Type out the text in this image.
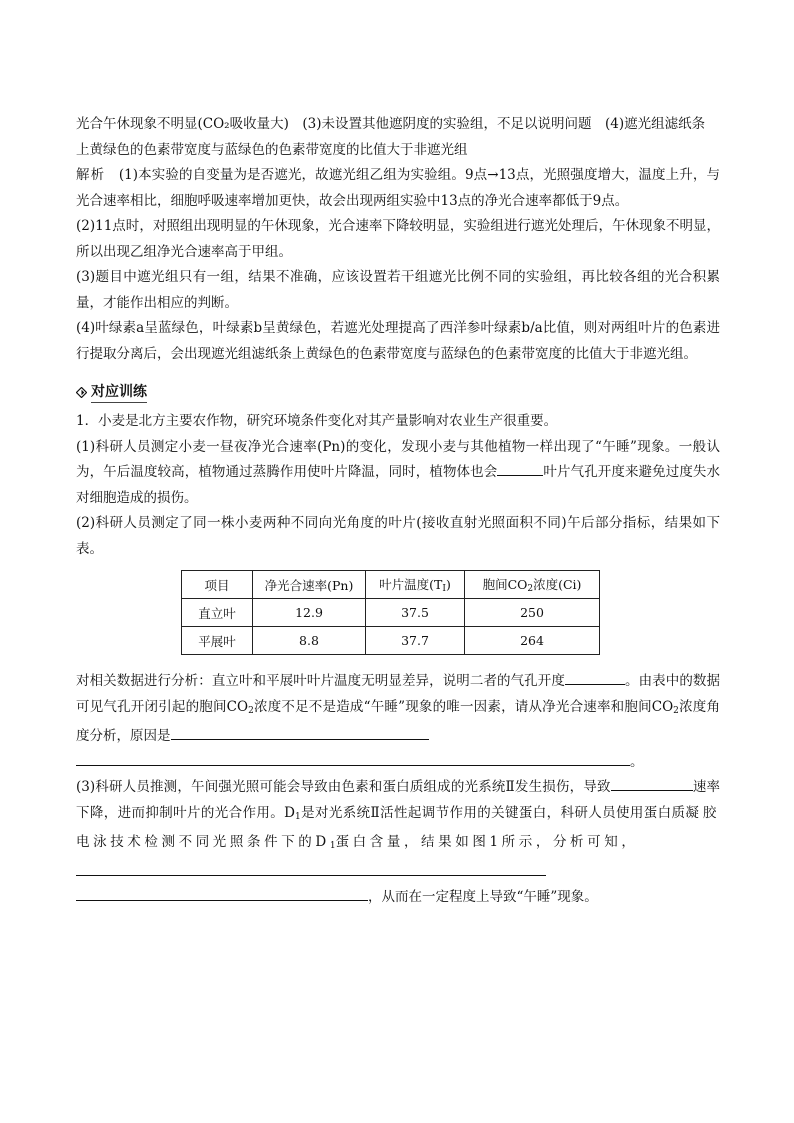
光合午休现象不明显(CO₂吸收量大)　(3)未设置其他遮阴度的实验组，不足以说明问题　(4)遮光组滤纸条

上黄绿色的色素带宽度与蓝绿色的色素带宽度的比值大于非遮光组

解析　 (1)本实验的自变量为是否遮光，故遮光组乙组为实验组。9点→13点，光照强度增大，温度上升，与光合速率相比，细胞呼吸速率增加更快，故会出现两组实验中13点的净光合速率都低于9点。

(2)11点时，对照组出现明显的午休现象，光合速率下降较明显，实验组进行遮光处理后，午休现象不明显，所以出现乙组净光合速率高于甲组。

(3)题目中遮光组只有一组，结果不准确，应该设置若干组遮光比例不同的实验组，再比较各组的光合积累量，才能作出相应的判断。

(4)叶绿素a呈蓝绿色，叶绿素b呈黄绿色，若遮光处理提高了西洋参叶绿素b/a比值，则对两组叶片的色素进行提取分离后，会出现遮光组滤纸条上黄绿色的色素带宽度与蓝绿色的色素带宽度的比值大于非遮光组。

对应训练

1．小麦是北方主要农作物，研究环境条件变化对其产量影响对农业生产很重要。

(1)科研人员测定小麦一昼夜净光合速率(Pn)的变化，发现小麦与其他植物一样出现了“午睡”现象。一般认为，午后温度较高，植物通过蒸腾作用使叶片降温，同时，植物体也会	叶片气孔开度来避免过度失水对细胞造成的损伤。

(2)科研人员测定了同一株小麦两种不同向光角度的叶片(接收直射光照面积不同)午后部分指标，结果如下表。

项目	净光合速率(Pn)	叶片温度$(T_I)$	胞间$CO_2$浓度(Ci)
直立叶	12.9	37.5	250
平展叶	8.8	37.7	264

对相关数据进行分析：直立叶和平展叶叶片温度无明显差异，说明二者的气孔开度	。由表中的数据可见气孔开闭引起的胞间$CO_2$浓度不足不是造成“午睡”现象的唯一因素，请从净光合速率和胞间$CO_2$浓度角度分析，原因是

。

(3)科研人员推测，午间强光照可能会导致由色素和蛋白质组成的光系统Ⅱ发生损伤，导致	速率下降，进而抑制叶片的光合作用。$D_1$是对光系统Ⅱ活性起调节作用的关键蛋白，科研人员使用蛋白质凝胶电泳技术检测不同光照条件下的$D_1$蛋白含量，结果如图1所示，分析可知，

，从而在一定程度上导致“午睡”现象。
